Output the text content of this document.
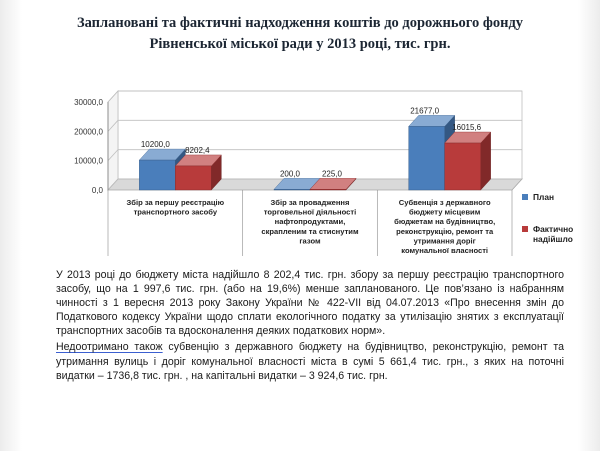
Заплановані та фактичні надходження коштів до дорожнього фонду
Рівненської міської ради у 2013 році, тис. грн.
0,0
10000,0
20000,0
30000,0
10200,0
200,0
21677,0
8202,4
225,0
16015,6
Збір за першу реєстрацію транспортного засобу
Збір за провадження торговельної діяльності нафтопродуктами, скрапленим та стиснутим газом
Субвенція з державного бюджету місцевим бюджетам на будівництво, реконструкцію, ремонт та утримання доріг комунальної власності
План
Фактично надійшло

У 2013 році до бюджету міста надійшло 8 202,4 тис. грн. збору за першу реєстрацію транспортного засобу, що на 1 997,6 тис. грн. (або на 19,6%) менше запланованого. Це пов’язано із набранням чинності з 1 вересня 2013 року Закону України № 422-VII від 04.07.2013 «Про внесення змін до Податкового кодексу України щодо сплати екологічного податку за утилізацію знятих з експлуатації транспортних засобів та вдосконалення деяких податкових норм».

Недоотримано також субвенцію з державного бюджету на будівництво, реконструкцію, ремонт та утримання вулиць і доріг комунальної власності міста в сумі 5 661,4 тис. грн., з яких на поточні видатки – 1736,8 тис. грн. , на капітальні видатки – 3 924,6 тис. грн.
